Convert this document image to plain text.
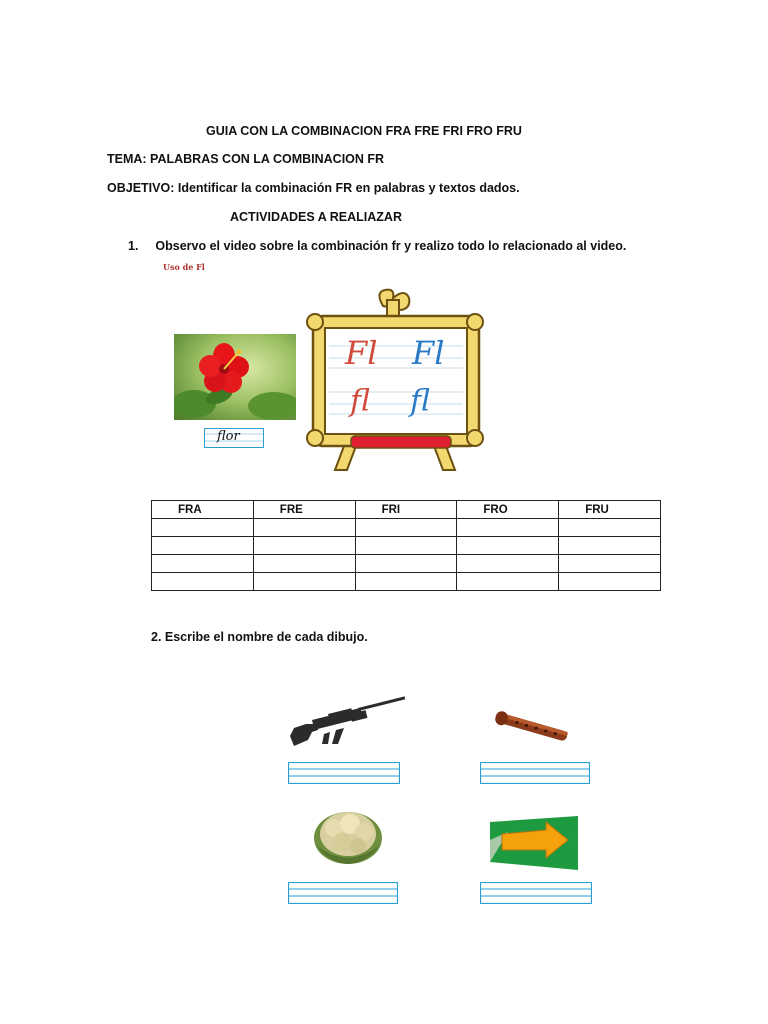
GUIA CON LA COMBINACION FRA FRE FRI FRO FRU
TEMA: PALABRAS CON LA COMBINACION FR
OBJETIVO: Identificar la combinación FR en palabras y textos dados.
ACTIVIDADES A REALIAZAR
1. Observo el video sobre la combinación fr y realizo todo lo relacionado al video.
Uso de Fl
flor
Fl Fl
fl fl
FRA	FRE	FRI	FRO	FRU

2. Escribe el nombre de cada dibujo.
